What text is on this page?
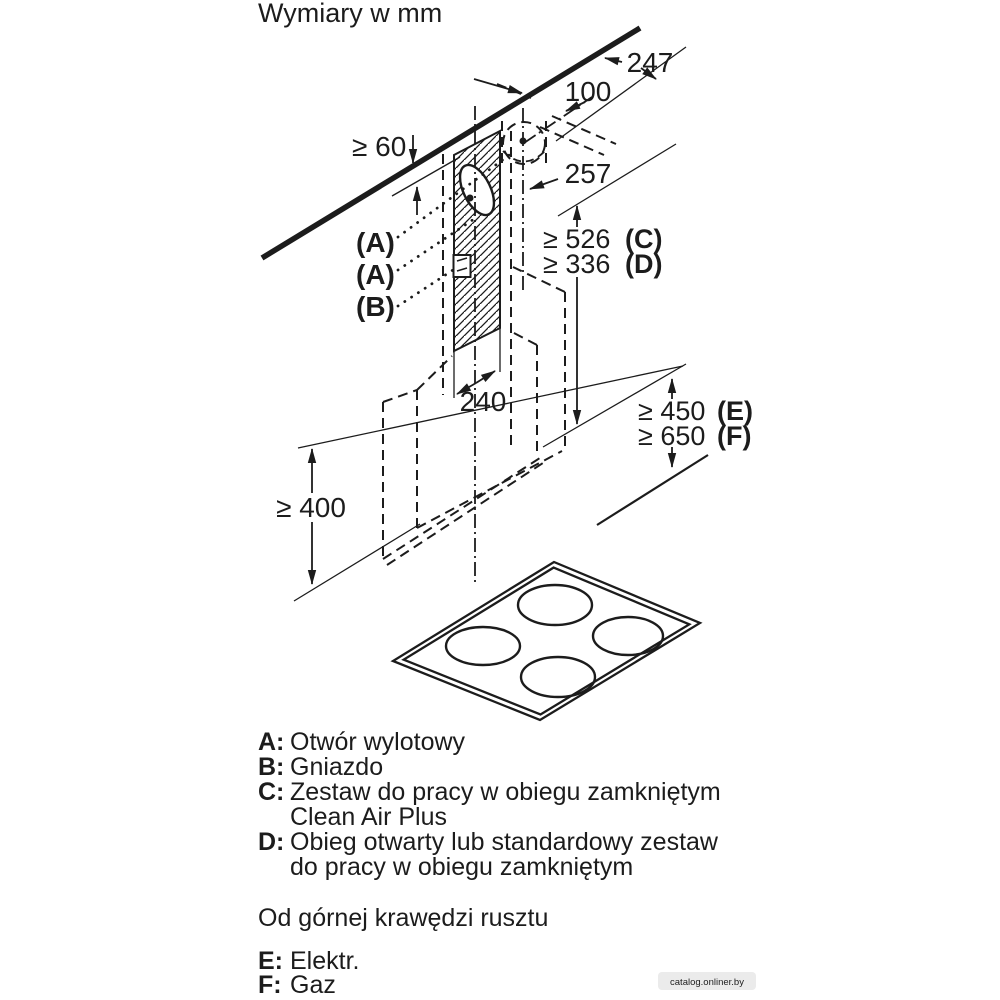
Wymiary w mm
(A)
(A)
(B)
247
100
257
≥ 60
≥ 526 (C)
≥ 336 (D)
240
≥ 400
≥ 450 (E)
≥ 650 (F)
A: Otwór wylotowy
B: Gniazdo
C: Zestaw do pracy w obiegu zamkniętym
Clean Air Plus
D: Obieg otwarty lub standardowy zestaw
do pracy w obiegu zamkniętym
Od górnej krawędzi rusztu
E: Elektr.
F: Gaz	catalog.onliner.by
